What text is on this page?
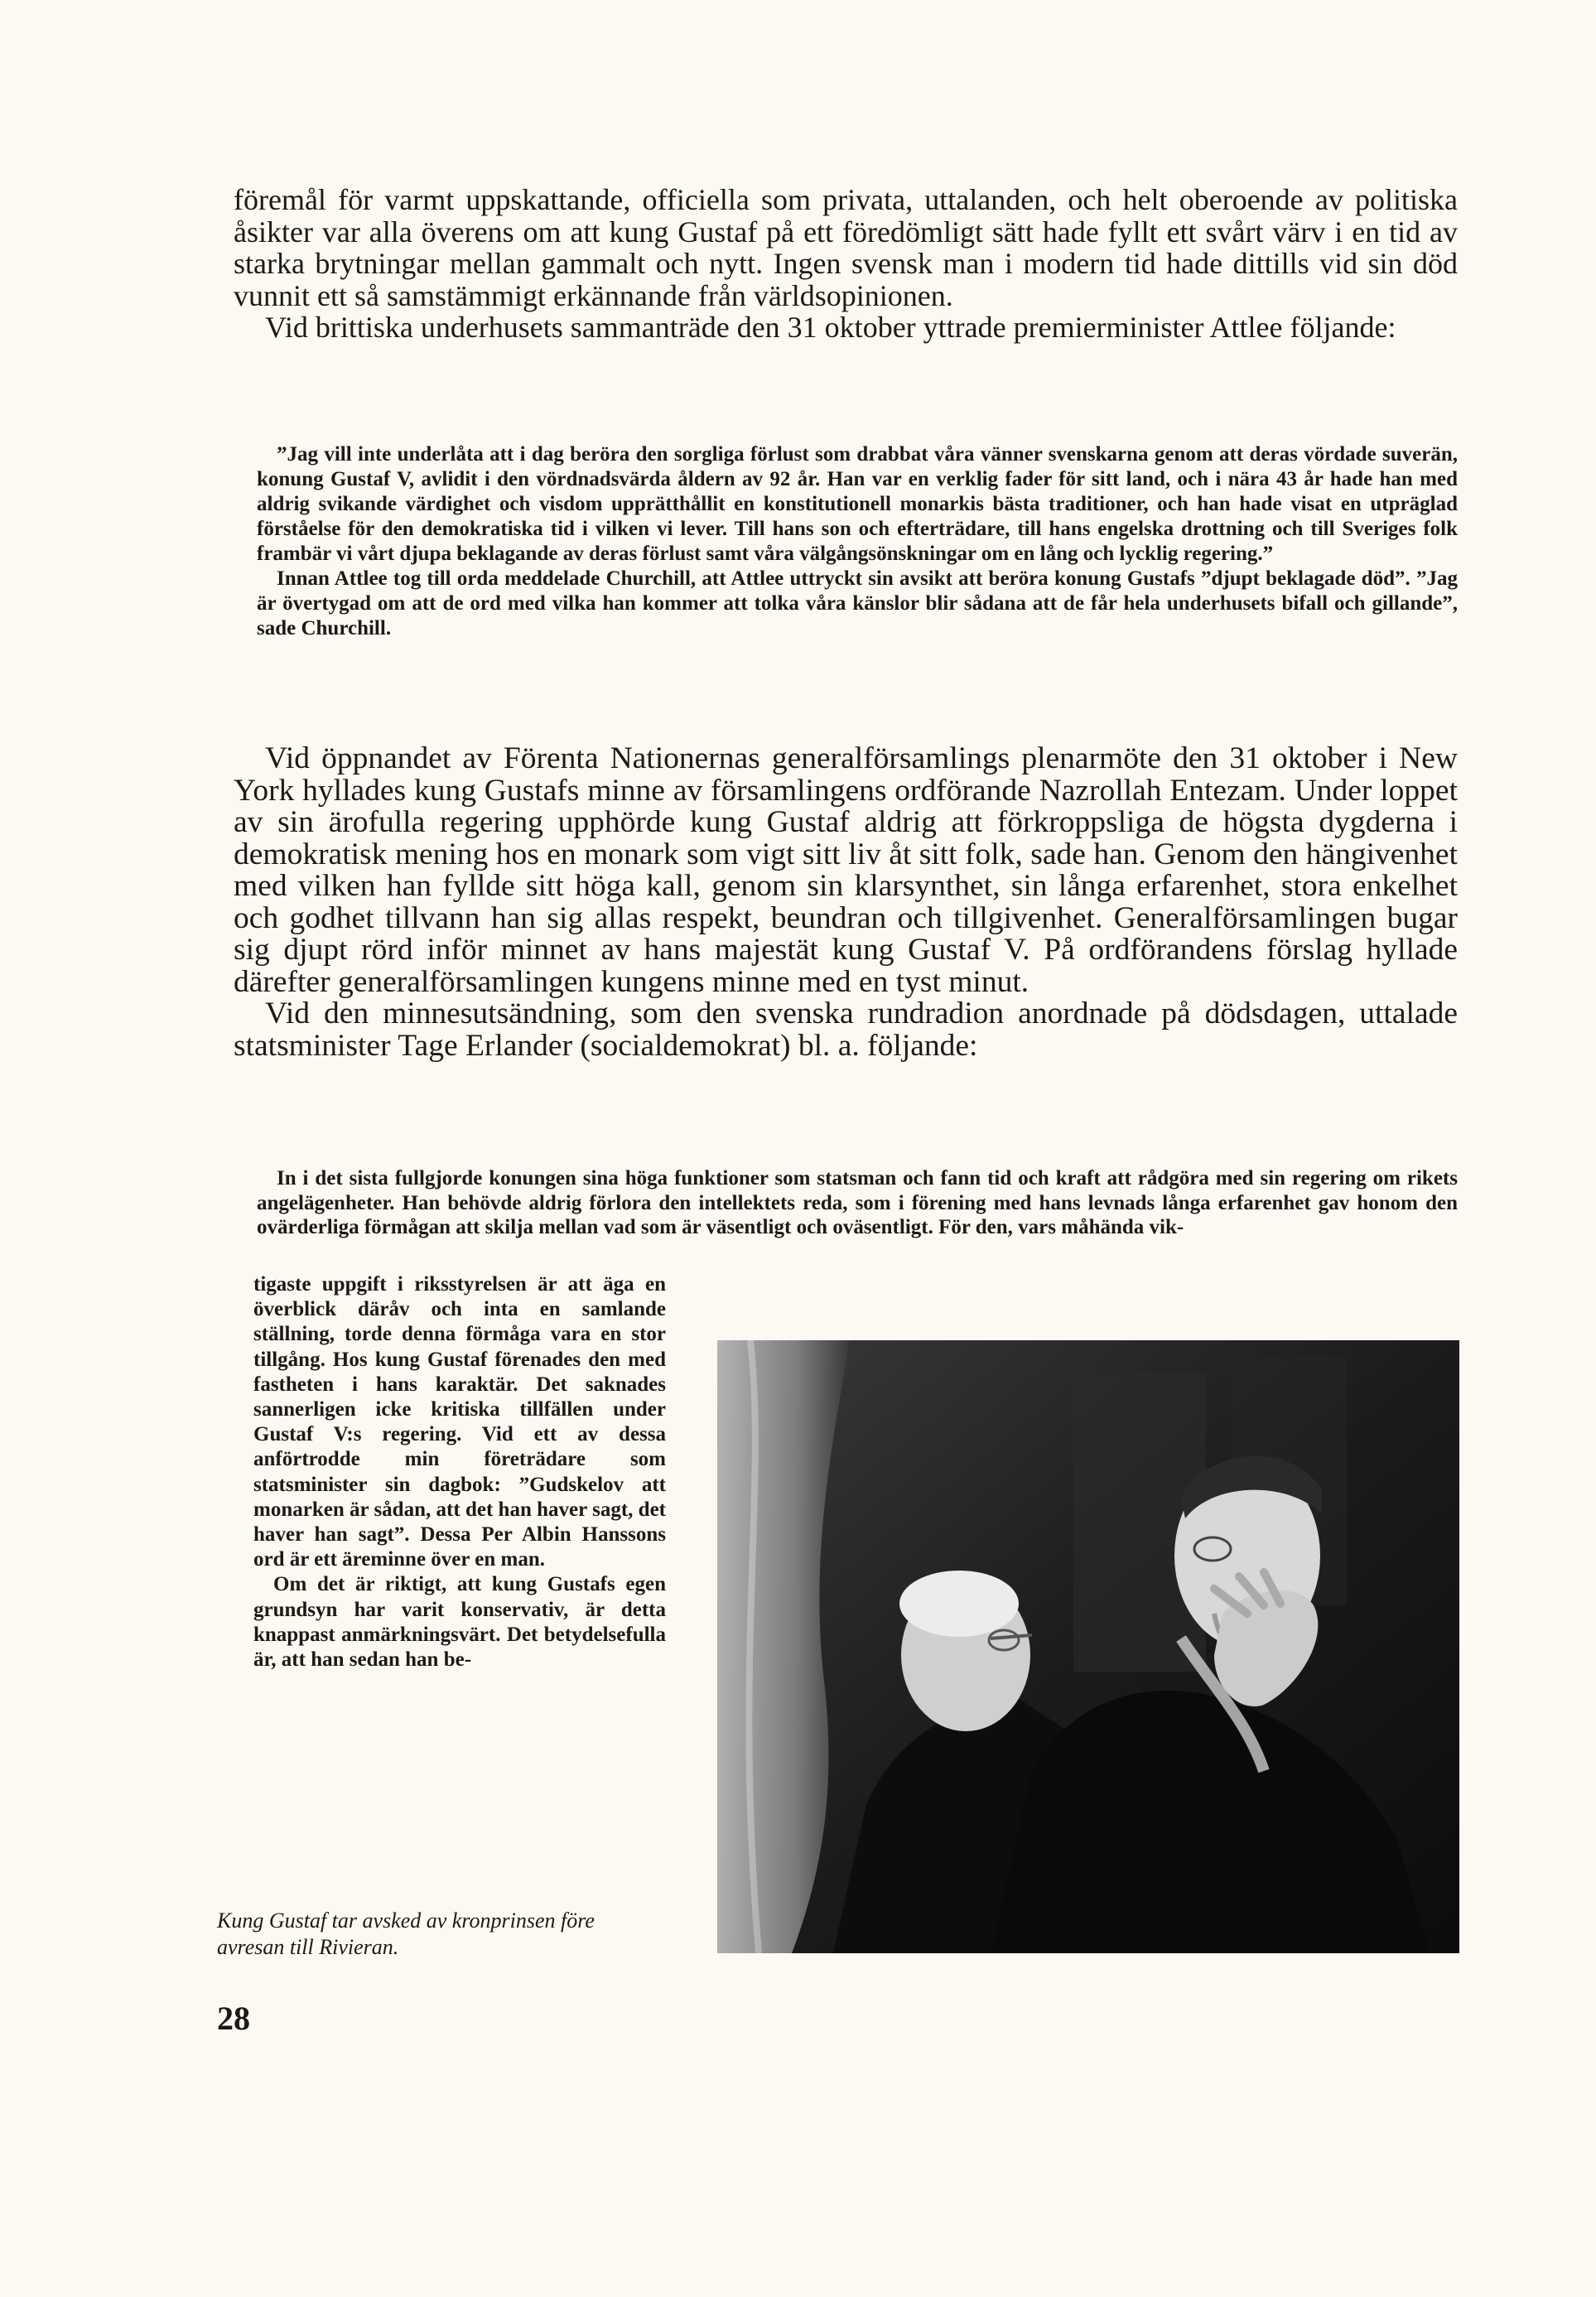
föremål för varmt uppskattande, officiella som privata, uttalanden, och helt oberoende av politiska åsikter var alla överens om att kung Gustaf på ett föredömligt sätt hade fyllt ett svårt värv i en tid av starka brytningar mellan gammalt och nytt. Ingen svensk man i modern tid hade dittills vid sin död vunnit ett så samstämmigt erkännande från världsopinionen.

Vid brittiska underhusets sammanträde den 31 oktober yttrade premierminister Attlee följande:

”Jag vill inte underlåta att i dag beröra den sorgliga förlust som drabbat våra vänner svenskarna genom att deras vördade suverän, konung Gustaf V, avlidit i den vördnadsvärda åldern av 92 år. Han var en verklig fader för sitt land, och i nära 43 år hade han med aldrig svikande värdighet och visdom upprätthållit en konstitutionell monarkis bästa traditioner, och han hade visat en utpräglad förståelse för den demokratiska tid i vilken vi lever. Till hans son och efterträdare, till hans engelska drottning och till Sveriges folk frambär vi vårt djupa beklagande av deras förlust samt våra välgångsönskningar om en lång och lycklig regering.”

Innan Attlee tog till orda meddelade Churchill, att Attlee uttryckt sin avsikt att beröra konung Gustafs ”djupt beklagade död”. ”Jag är övertygad om att de ord med vilka han kommer att tolka våra känslor blir sådana att de får hela underhusets bifall och gillande”, sade Churchill.

Vid öppnandet av Förenta Nationernas generalförsamlings plenarmöte den 31 oktober i New York hyllades kung Gustafs minne av församlingens ordförande Nazrollah Entezam. Under loppet av sin ärofulla regering upphörde kung Gustaf aldrig att förkroppsliga de högsta dygderna i demokratisk mening hos en monark som vigt sitt liv åt sitt folk, sade han. Genom den hängivenhet med vilken han fyllde sitt höga kall, genom sin klarsynthet, sin långa erfarenhet, stora enkelhet och godhet tillvann han sig allas respekt, beundran och tillgivenhet. Generalförsamlingen bugar sig djupt rörd inför minnet av hans majestät kung Gustaf V. På ordförandens förslag hyllade därefter generalförsamlingen kungens minne med en tyst minut.

Vid den minnesutsändning, som den svenska rundradion anordnade på dödsdagen, uttalade statsminister Tage Erlander (socialdemokrat) bl. a. följande:

In i det sista fullgjorde konungen sina höga funktioner som statsman och fann tid och kraft att rådgöra med sin regering om rikets angelägenheter. Han behövde aldrig förlora den intellektets reda, som i förening med hans levnads långa erfarenhet gav honom den ovärderliga förmågan att skilja mellan vad som är väsentligt och oväsentligt. För den, vars måhända vik-

tigaste uppgift i riksstyrelsen är att äga en överblick däråv och inta en samlande ställning, torde denna förmåga vara en stor tillgång. Hos kung Gustaf förenades den med fastheten i hans karaktär. Det saknades sannerligen icke kritiska tillfällen under Gustaf V:s regering. Vid ett av dessa anförtrodde min företrädare som statsminister sin dagbok: ”Gudskelov att monarken är sådan, att det han haver sagt, det haver han sagt”. Dessa Per Albin Hanssons ord är ett äreminne över en man.

Om det är riktigt, att kung Gustafs egen grundsyn har varit konservativ, är detta knappast anmärkningsvärt. Det betydelsefulla är, att han sedan han be-

Kung Gustaf tar avsked av kronprinsen före avresan till Rivieran.
28
